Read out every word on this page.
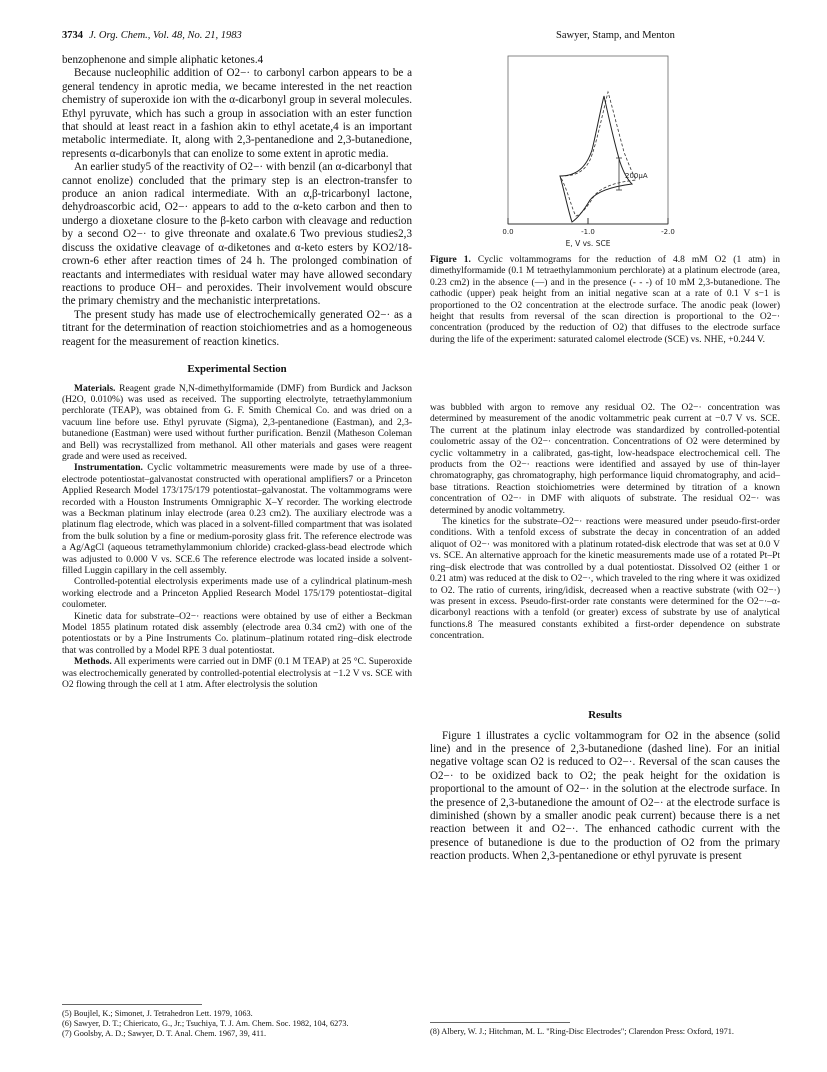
3734 J. Org. Chem., Vol. 48, No. 21, 1983	Sawyer, Stamp, and Menton

benzophenone and simple aliphatic ketones.4

Because nucleophilic addition of O2−· to carbonyl carbon appears to be a general tendency in aprotic media, we became interested in the net reaction chemistry of superoxide ion with the α-dicarbonyl group in several molecules. Ethyl pyruvate, which has such a group in association with an ester function that should at least react in a fashion akin to ethyl acetate,4 is an important metabolic intermediate. It, along with 2,3-pentanedione and 2,3-butanedione, represents α-dicarbonyls that can enolize to some extent in aprotic media.

An earlier study5 of the reactivity of O2−· with benzil (an α-dicarbonyl that cannot enolize) concluded that the primary step is an electron-transfer to produce an anion radical intermediate. With an α,β-tricarbonyl lactone, dehydroascorbic acid, O2−· appears to add to the α-keto carbon and then to undergo a dioxetane closure to the β-keto carbon with cleavage and reduction by a second O2−· to give threonate and oxalate.6 Two previous studies2,3 discuss the oxidative cleavage of α-diketones and α-keto esters by KO2/18-crown-6 ether after reaction times of 24 h. The prolonged combination of reactants and intermediates with residual water may have allowed secondary reactions to produce OH− and peroxides. Their involvement would obscure the primary chemistry and the mechanistic interpretations.

The present study has made use of electrochemically generated O2−· as a titrant for the determination of reaction stoichiometries and as a homogeneous reagent for the measurement of reaction kinetics.

Experimental Section

Materials. Reagent grade N,N-dimethylformamide (DMF) from Burdick and Jackson (H2O, 0.010%) was used as received. The supporting electrolyte, tetraethylammonium perchlorate (TEAP), was obtained from G. F. Smith Chemical Co. and was dried on a vacuum line before use. Ethyl pyruvate (Sigma), 2,3-pentanedione (Eastman), and 2,3-butanedione (Eastman) were used without further purification. Benzil (Matheson Coleman and Bell) was recrystallized from methanol. All other materials and gases were reagent grade and were used as received.

Instrumentation. Cyclic voltammetric measurements were made by use of a three-electrode potentiostat–galvanostat constructed with operational amplifiers7 or a Princeton Applied Research Model 173/175/179 potentiostat–galvanostat. The voltammograms were recorded with a Houston Instruments Omnigraphic X–Y recorder. The working electrode was a Beckman platinum inlay electrode (area 0.23 cm2). The auxiliary electrode was a platinum flag electrode, which was placed in a solvent-filled compartment that was isolated from the bulk solution by a fine or medium-porosity glass frit. The reference electrode was a Ag/AgCl (aqueous tetramethylammonium chloride) cracked-glass-bead electrode which was adjusted to 0.000 V vs. SCE.6 The reference electrode was located inside a solvent-filled Luggin capillary in the cell assembly.

Controlled-potential electrolysis experiments made use of a cylindrical platinum-mesh working electrode and a Princeton Applied Research Model 175/179 potentiostat–digital coulometer.

Kinetic data for substrate–O2−· reactions were obtained by use of either a Beckman Model 1855 platinum rotated disk assembly (electrode area 0.34 cm2) with one of the potentiostats or by a Pine Instruments Co. platinum–platinum rotated ring–disk electrode that was controlled by a Model RPE 3 dual potentiostat.

Methods. All experiments were carried out in DMF (0.1 M TEAP) at 25 °C. Superoxide was electrochemically generated by controlled-potential electrolysis at −1.2 V vs. SCE with O2 flowing through the cell at 1 atm. After electrolysis the solution

(5) Boujlel, K.; Simonet, J. Tetrahedron Lett. 1979, 1063.
(6) Sawyer, D. T.; Chiericato, G., Jr.; Tsuchiya, T. J. Am. Chem. Soc. 1982, 104, 6273.
(7) Goolsby, A. D.; Sawyer, D. T. Anal. Chem. 1967, 39, 411.
200μA
0.0	-1.0	-2.0
E, V vs. SCE
Figure 1. Cyclic voltammograms for the reduction of 4.8 mM O2 (1 atm) in dimethylformamide (0.1 M tetraethylammonium perchlorate) at a platinum electrode (area, 0.23 cm2) in the absence (—) and in the presence (- - -) of 10 mM 2,3-butanedione. The cathodic (upper) peak height from an initial negative scan at a rate of 0.1 V s−1 is proportioned to the O2 concentration at the electrode surface. The anodic peak (lower) height that results from reversal of the scan direction is proportional to the O2−· concentration (produced by the reduction of O2) that diffuses to the electrode surface during the life of the experiment: saturated calomel electrode (SCE) vs. NHE, +0.244 V.

was bubbled with argon to remove any residual O2. The O2−· concentration was determined by measurement of the anodic voltammetric peak current at −0.7 V vs. SCE. The current at the platinum inlay electrode was standardized by controlled-potential coulometric assay of the O2−· concentration. Concentrations of O2 were determined by cyclic voltammetry in a calibrated, gas-tight, low-headspace electrochemical cell. The products from the O2−· reactions were identified and assayed by use of thin-layer chromatography, gas chromatography, high performance liquid chromatography, and acid–base titrations. Reaction stoichiometries were determined by titration of a known concentration of O2−· in DMF with aliquots of substrate. The residual O2−· was determined by anodic voltammetry.

The kinetics for the substrate–O2−· reactions were measured under pseudo-first-order conditions. With a tenfold excess of substrate the decay in concentration of an added aliquot of O2−· was monitored with a platinum rotated-disk electrode that was set at 0.0 V vs. SCE. An alternative approach for the kinetic measurements made use of a rotated Pt–Pt ring–disk electrode that was controlled by a dual potentiostat. Dissolved O2 (either 1 or 0.21 atm) was reduced at the disk to O2−·, which traveled to the ring where it was oxidized to O2. The ratio of currents, iring/idisk, decreased when a reactive substrate (with O2−·) was present in excess. Pseudo-first-order rate constants were determined for the O2−·–α-dicarbonyl reactions with a tenfold (or greater) excess of substrate by use of analytical functions.8 The measured constants exhibited a first-order dependence on substrate concentration.

Results

Figure 1 illustrates a cyclic voltammogram for O2 in the absence (solid line) and in the presence of 2,3-butanedione (dashed line). For an initial negative voltage scan O2 is reduced to O2−·. Reversal of the scan causes the O2−· to be oxidized back to O2; the peak height for the oxidation is proportional to the amount of O2−· in the solution at the electrode surface. In the presence of 2,3-butanedione the amount of O2−· at the electrode surface is diminished (shown by a smaller anodic peak current) because there is a net reaction between it and O2−·. The enhanced cathodic current with the presence of butanedione is due to the production of O2 from the primary reaction products. When 2,3-pentanedione or ethyl pyruvate is present

(8) Albery, W. J.; Hitchman, M. L. "Ring-Disc Electrodes"; Clarendon Press: Oxford, 1971.
